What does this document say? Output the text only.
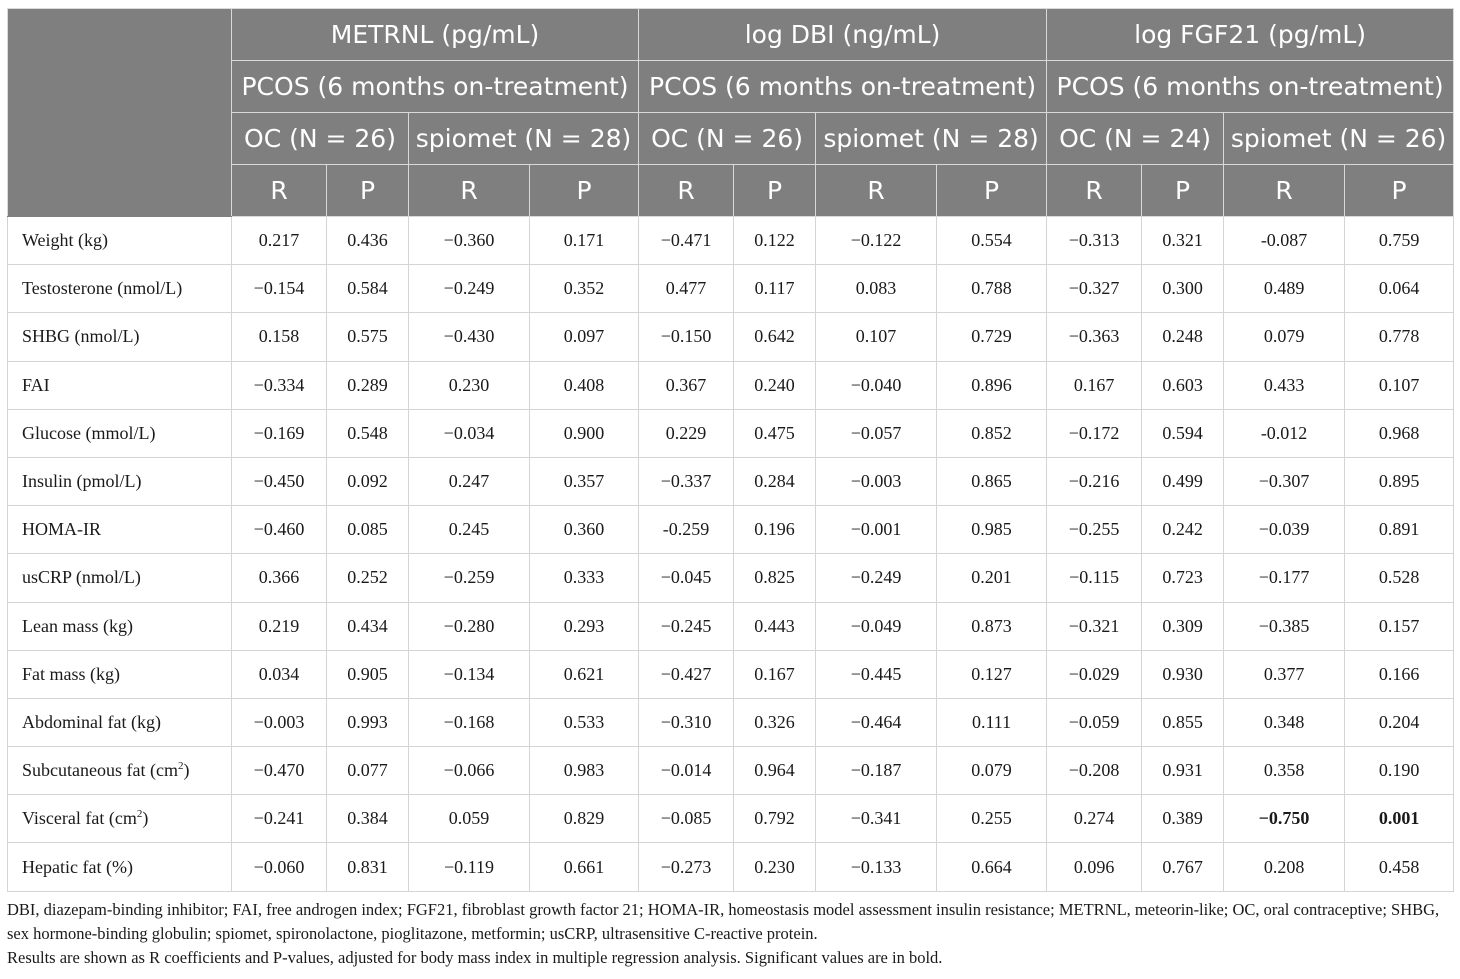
	METRNL (pg/mL)				log DBI (ng/mL)				log FGF21 (pg/mL)			
	PCOS (6 months on-treatment)				PCOS (6 months on-treatment)				PCOS (6 months on-treatment)			
	OC (N = 26)		spiomet (N = 28)		OC (N = 26)		spiomet (N = 28)		OC (N = 24)		spiomet (N = 26)	
	R	P	R	P	R	P	R	P	R	P	R	P
Weight (kg)	0.217	0.436	−0.360	0.171	−0.471	0.122	−0.122	0.554	−0.313	0.321	-0.087	0.759
Testosterone (nmol/L)	−0.154	0.584	−0.249	0.352	0.477	0.117	0.083	0.788	−0.327	0.300	0.489	0.064
SHBG (nmol/L)	0.158	0.575	−0.430	0.097	−0.150	0.642	0.107	0.729	−0.363	0.248	0.079	0.778
FAI	−0.334	0.289	0.230	0.408	0.367	0.240	−0.040	0.896	0.167	0.603	0.433	0.107
Glucose (mmol/L)	−0.169	0.548	−0.034	0.900	0.229	0.475	−0.057	0.852	−0.172	0.594	-0.012	0.968
Insulin (pmol/L)	−0.450	0.092	0.247	0.357	−0.337	0.284	−0.003	0.865	−0.216	0.499	−0.307	0.895
HOMA-IR	−0.460	0.085	0.245	0.360	-0.259	0.196	−0.001	0.985	−0.255	0.242	−0.039	0.891
usCRP (nmol/L)	0.366	0.252	−0.259	0.333	−0.045	0.825	−0.249	0.201	−0.115	0.723	−0.177	0.528
Lean mass (kg)	0.219	0.434	−0.280	0.293	−0.245	0.443	−0.049	0.873	−0.321	0.309	−0.385	0.157
Fat mass (kg)	0.034	0.905	−0.134	0.621	−0.427	0.167	−0.445	0.127	−0.029	0.930	0.377	0.166
Abdominal fat (kg)	−0.003	0.993	−0.168	0.533	−0.310	0.326	−0.464	0.111	−0.059	0.855	0.348	0.204
Subcutaneous fat $(cm^2)$	−0.470	0.077	−0.066	0.983	−0.014	0.964	−0.187	0.079	−0.208	0.931	0.358	0.190
Visceral fat $(cm^2)$	−0.241	0.384	0.059	0.829	−0.085	0.792	−0.341	0.255	0.274	0.389	−0.750	0.001
Hepatic fat (%)	−0.060	0.831	−0.119	0.661	−0.273	0.230	−0.133	0.664	0.096	0.767	0.208	0.458

DBI, diazepam-binding inhibitor; FAI, free androgen index; FGF21, fibroblast growth factor 21; HOMA-IR, homeostasis model assessment insulin resistance; METRNL, meteorin-like; OC, oral contraceptive; SHBG, sex hormone-binding globulin; spiomet, spironolactone, pioglitazone, metformin; usCRP, ultrasensitive C-reactive protein.

Results are shown as R coefficients and P-values, adjusted for body mass index in multiple regression analysis. Significant values are in bold.
